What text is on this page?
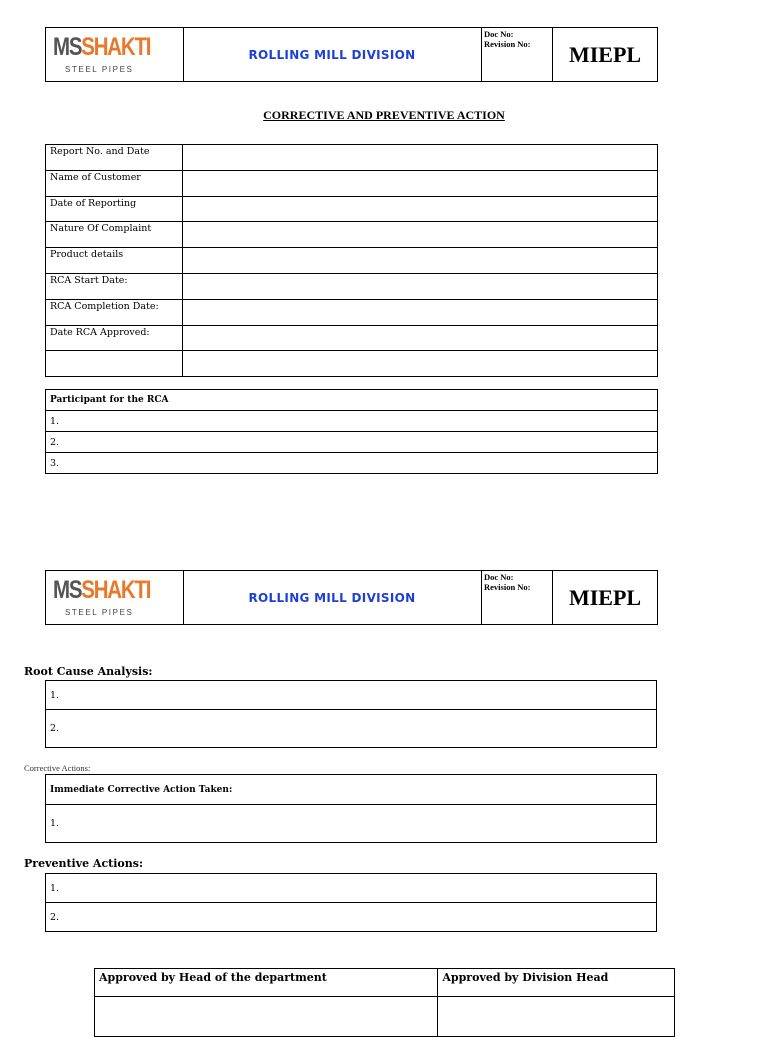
MSSHAKTI
STEEL PIPES
ROLLING MILL DIVISION
Doc No:
Revision No:	MIEPL
CORRECTIVE AND PREVENTIVE ACTION
Report No. and Date	
Name of Customer	
Date of Reporting	
Nature Of Complaint	
Product details	
RCA Start Date:	
RCA Completion Date:	
Date RCA Approved:	

Participant for the RCA
1.
2.
3.
MSSHAKTI
STEEL PIPES
ROLLING MILL DIVISION
Doc No:
Revision No:	MIEPL
Root Cause Analysis:
1.
2.
Corrective Actions:
Immediate Corrective Action Taken:
1.
Preventive Actions:
1.
2.
Approved by Head of the department	Approved by Division Head
